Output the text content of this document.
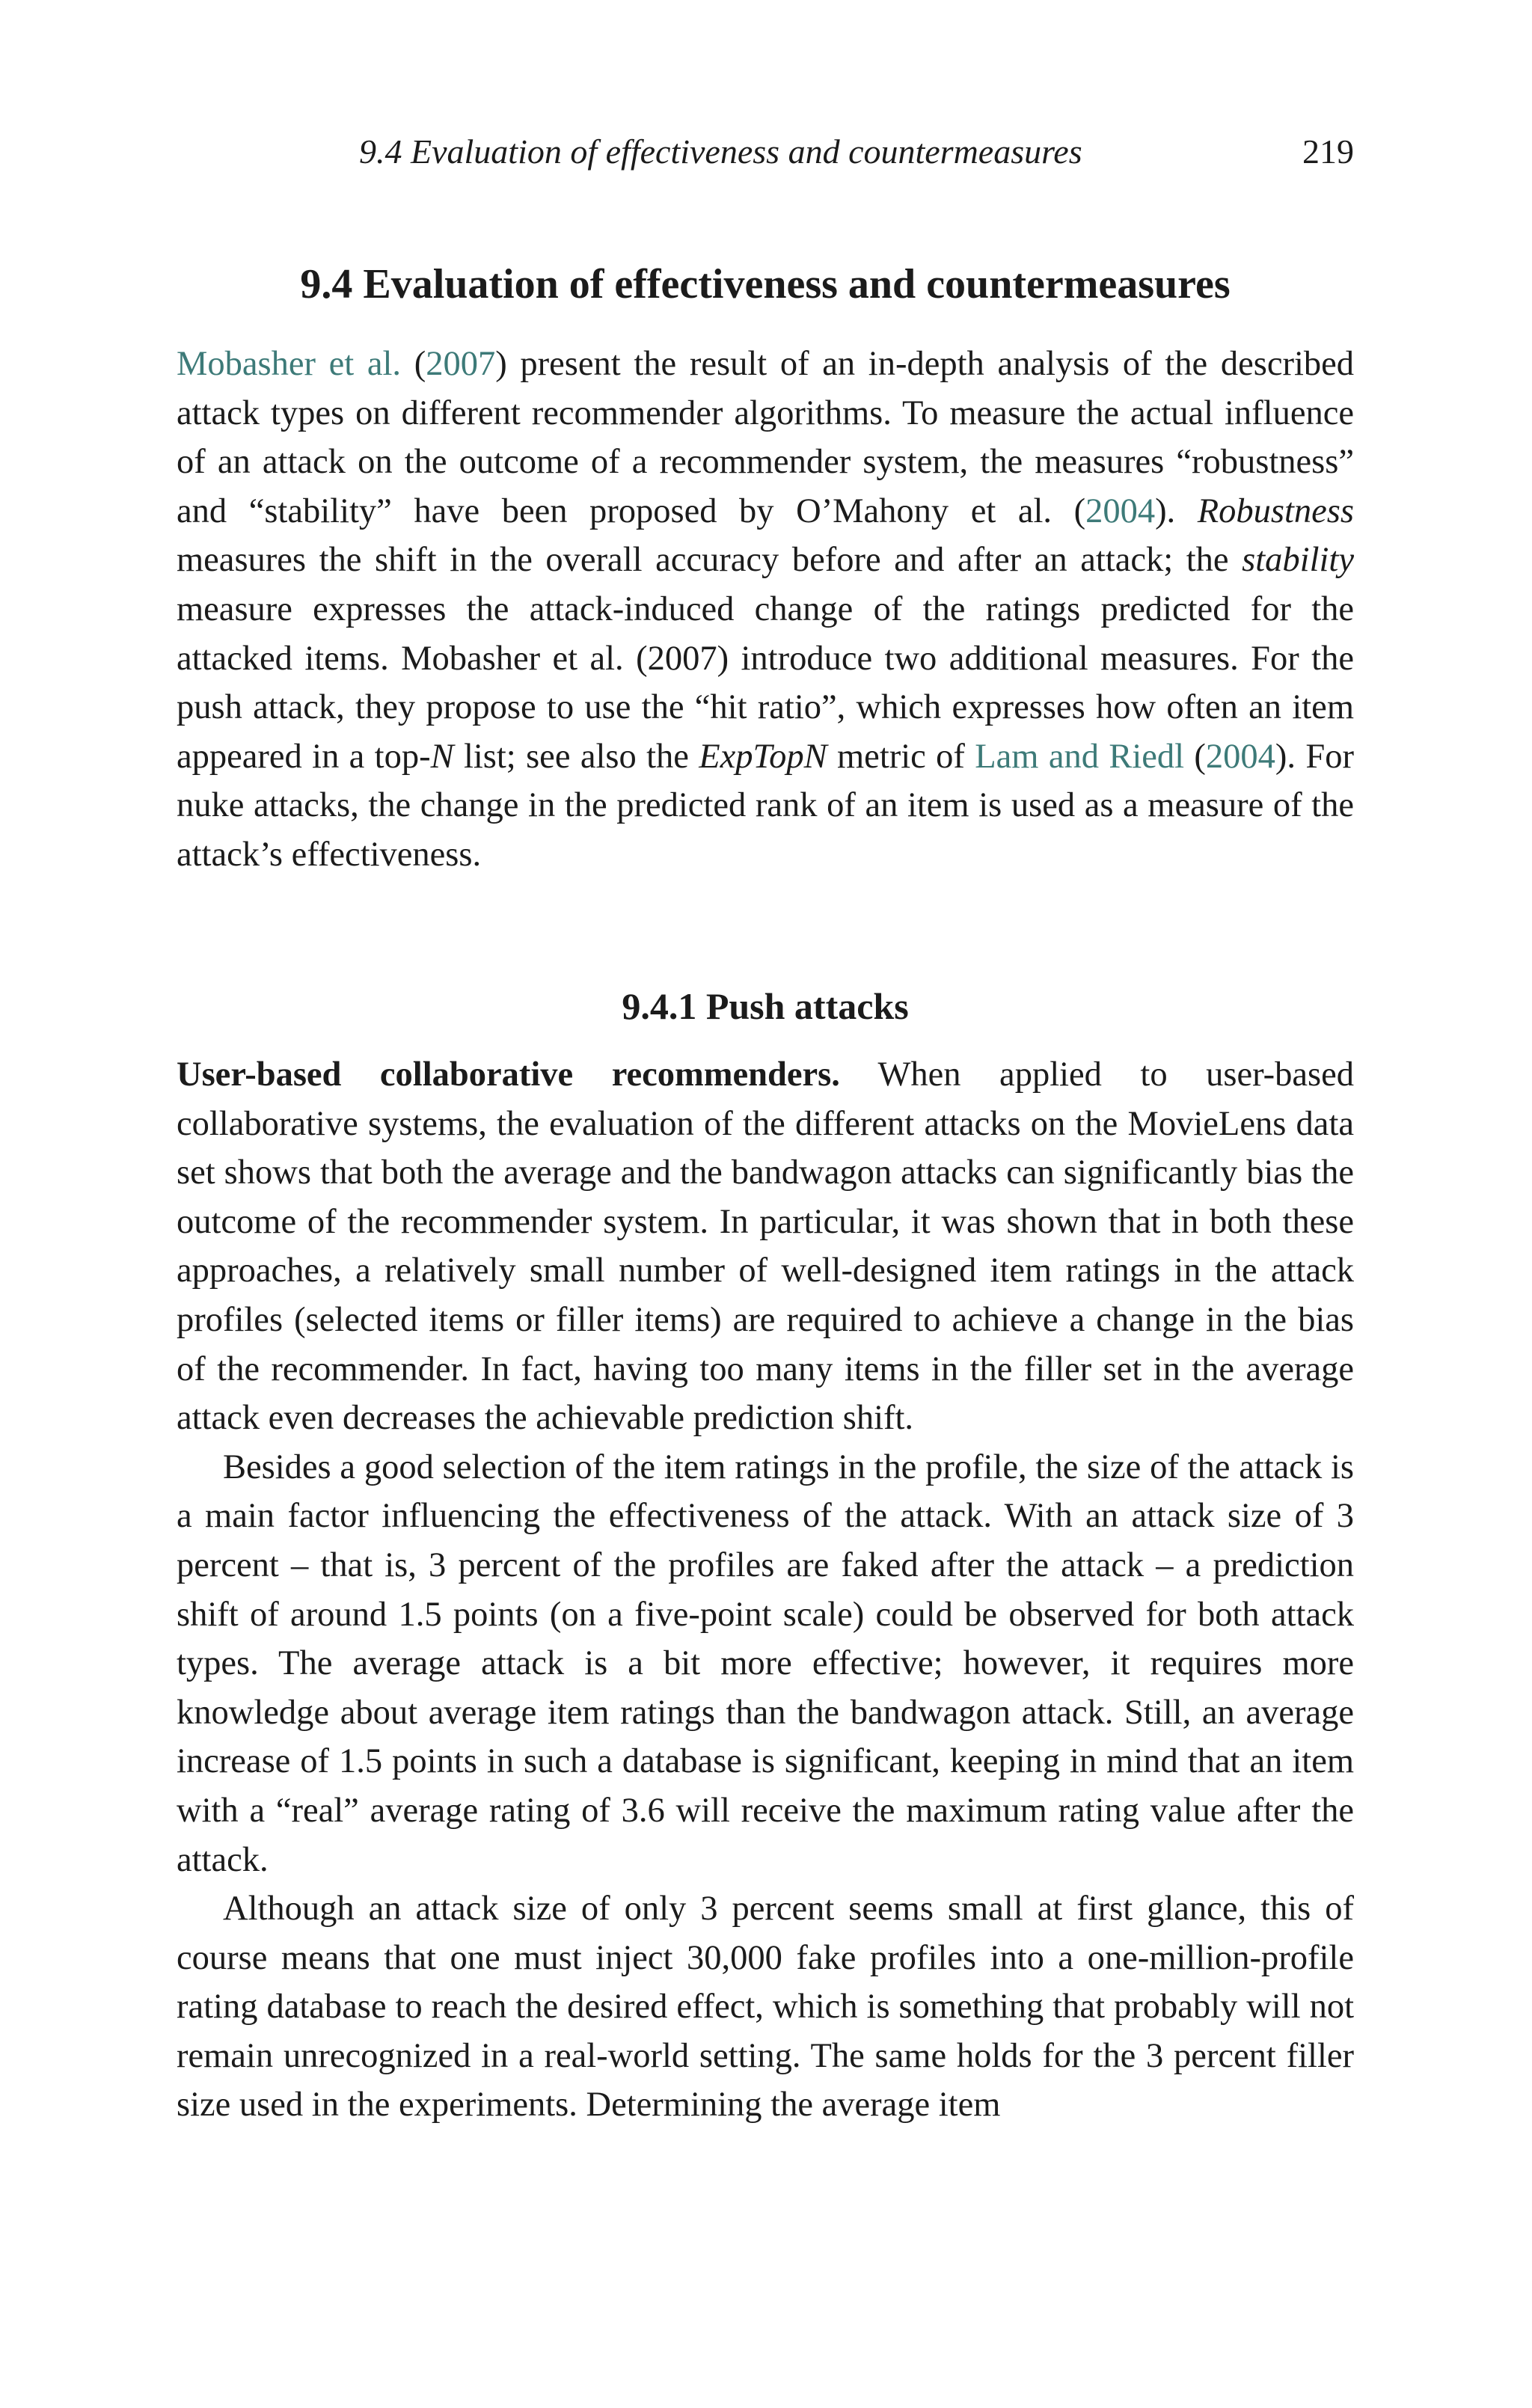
9.4 Evaluation of effectiveness and countermeasures	219
9.4 Evaluation of effectiveness and countermeasures

Mobasher et al. (2007) present the result of an in-depth analysis of the described attack types on different recommender algorithms. To measure the actual influence of an attack on the outcome of a recommender system, the measures “robustness” and “stability” have been proposed by O’Mahony et al. (2004). Robustness measures the shift in the overall accuracy before and after an attack; the stability measure expresses the attack-induced change of the ratings predicted for the attacked items. Mobasher et al. (2007) introduce two additional measures. For the push attack, they propose to use the “hit ratio”, which expresses how often an item appeared in a top-N list; see also the ExpTopN metric of Lam and Riedl (2004). For nuke attacks, the change in the predicted rank of an item is used as a measure of the attack’s effectiveness.

9.4.1 Push attacks

User-based collaborative recommenders. When applied to user-based collaborative systems, the evaluation of the different attacks on the MovieLens data set shows that both the average and the bandwagon attacks can significantly bias the outcome of the recommender system. In particular, it was shown that in both these approaches, a relatively small number of well-designed item ratings in the attack profiles (selected items or filler items) are required to achieve a change in the bias of the recommender. In fact, having too many items in the filler set in the average attack even decreases the achievable prediction shift.

Besides a good selection of the item ratings in the profile, the size of the attack is a main factor influencing the effectiveness of the attack. With an attack size of 3 percent – that is, 3 percent of the profiles are faked after the attack – a prediction shift of around 1.5 points (on a five-point scale) could be observed for both attack types. The average attack is a bit more effective; however, it requires more knowledge about average item ratings than the bandwagon attack. Still, an average increase of 1.5 points in such a database is significant, keeping in mind that an item with a “real” average rating of 3.6 will receive the maximum rating value after the attack.

Although an attack size of only 3 percent seems small at first glance, this of course means that one must inject 30,000 fake profiles into a one-million-profile rating database to reach the desired effect, which is something that probably will not remain unrecognized in a real-world setting. The same holds for the 3 percent filler size used in the experiments. Determining the average item
